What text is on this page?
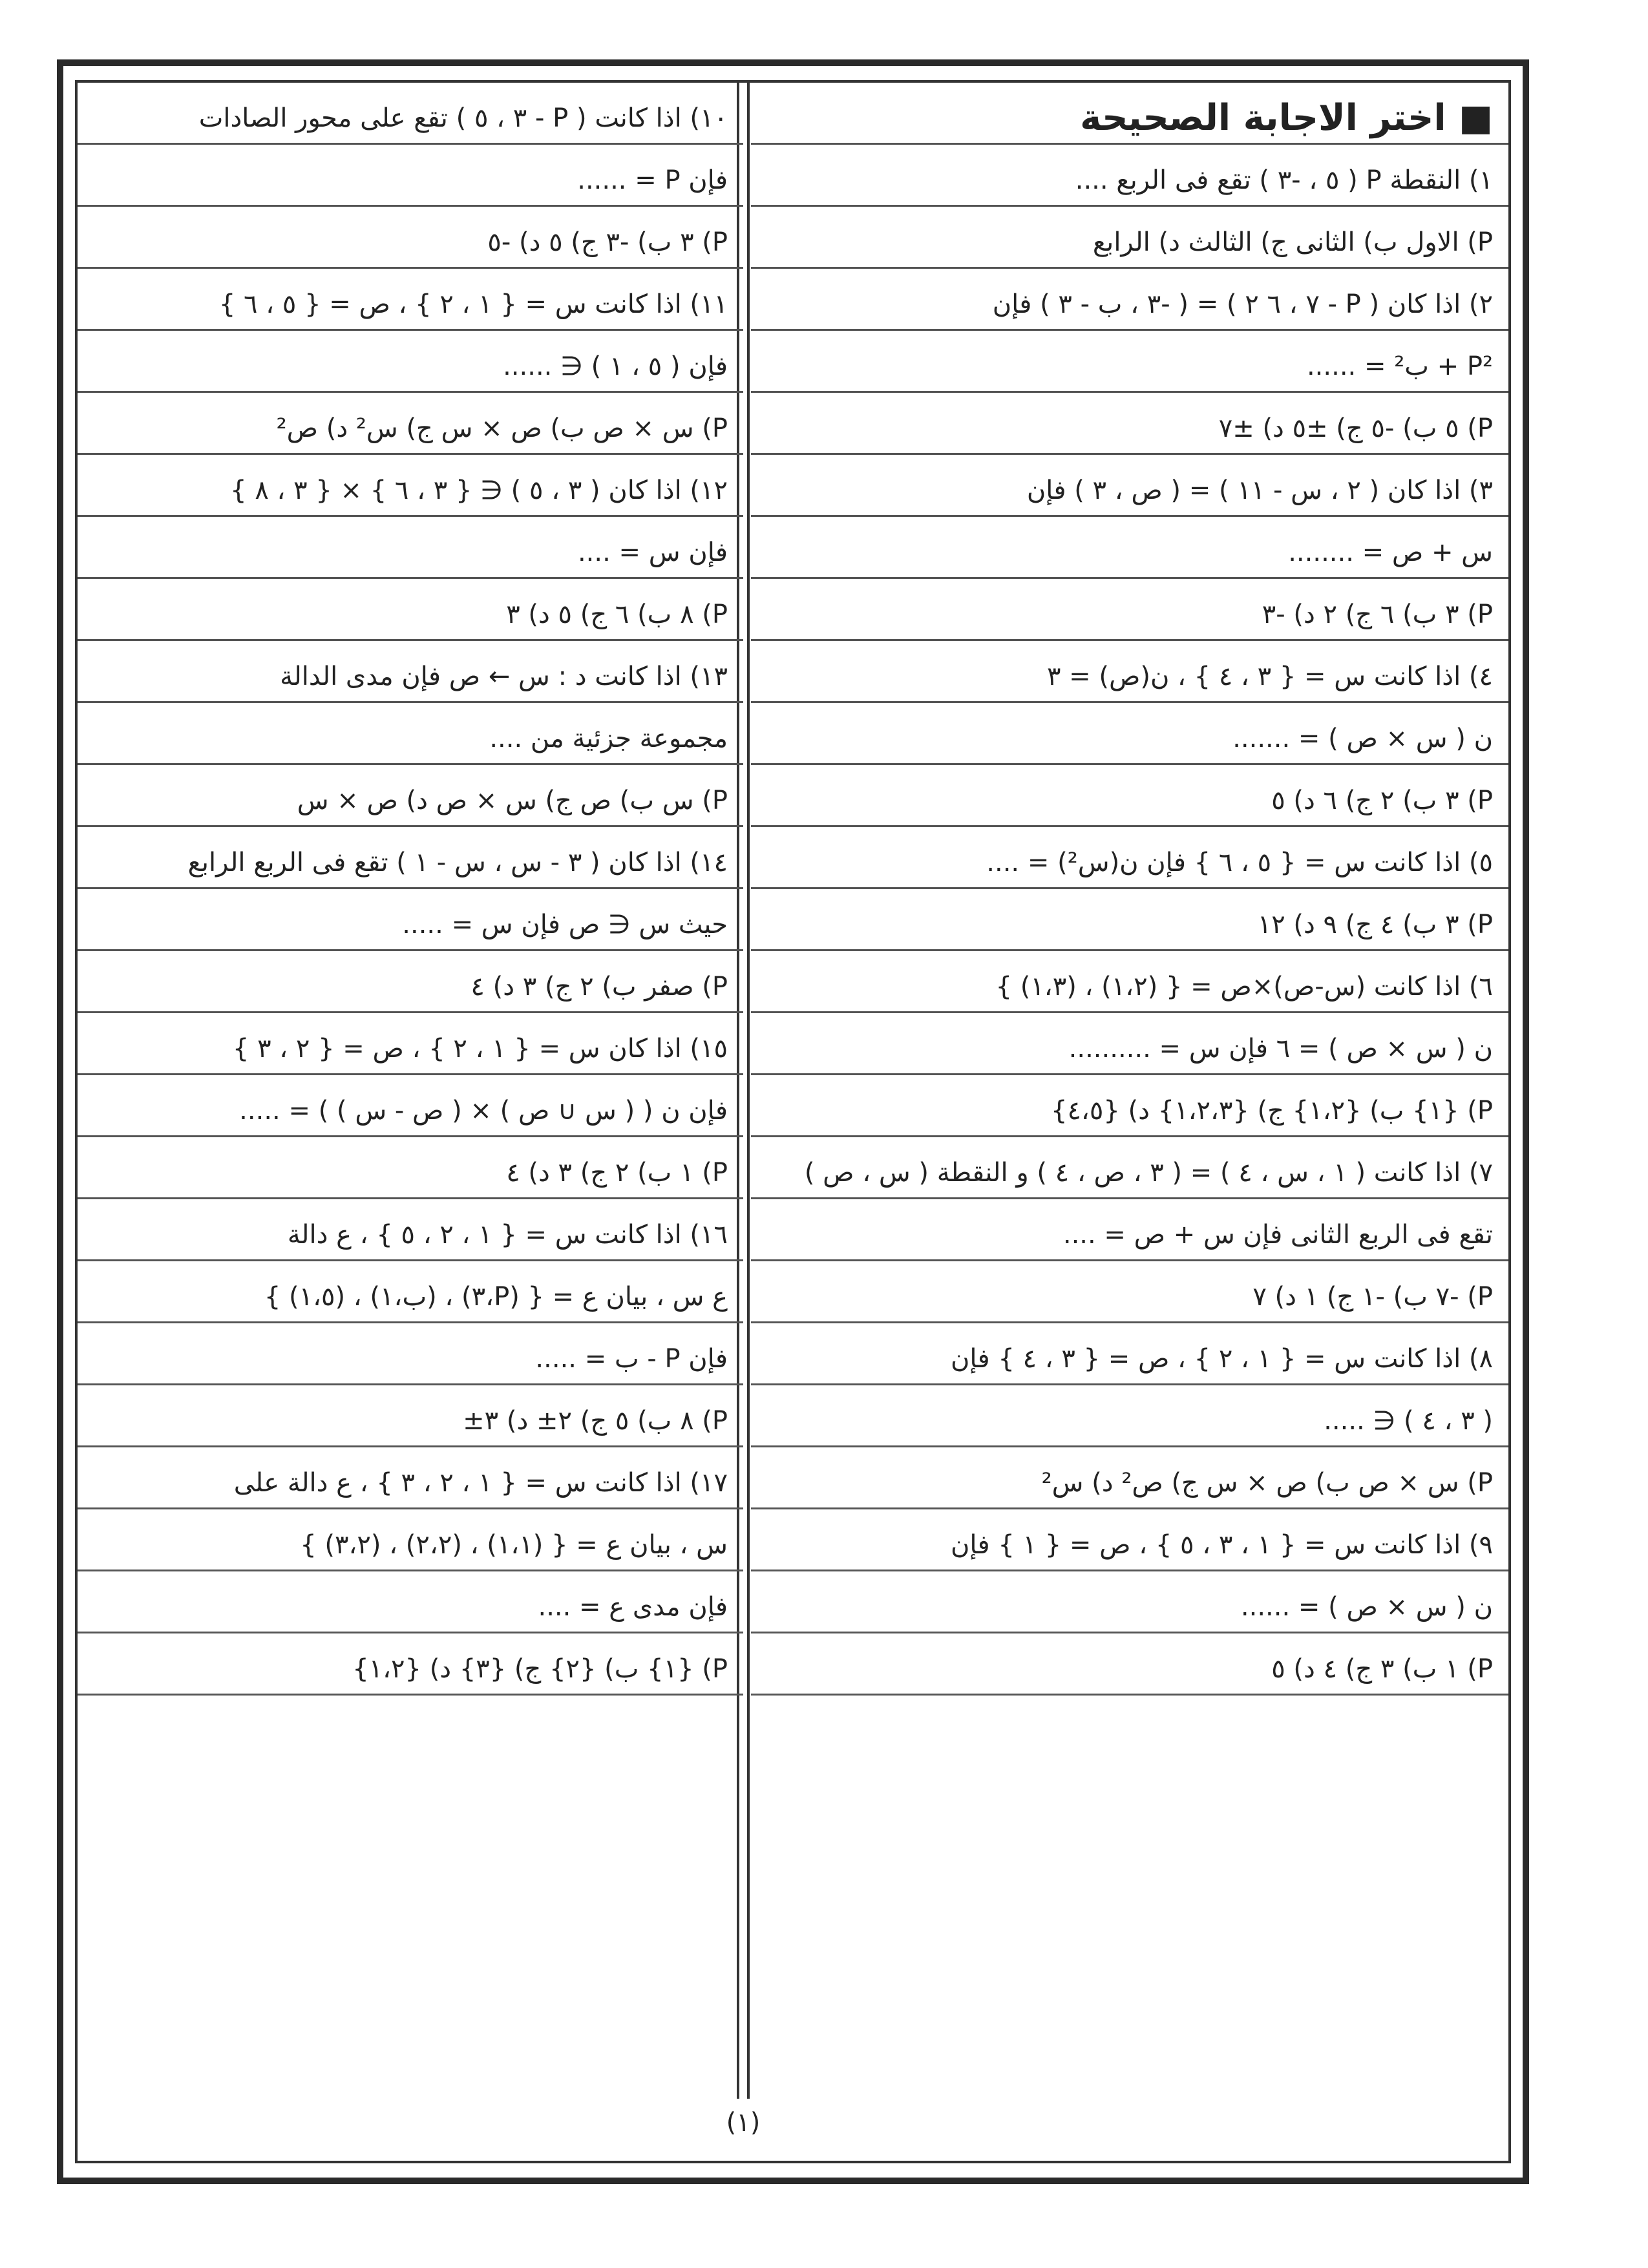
■ اختر الاجابة الصحيحة
١) النقطة P ( ٥ ، -٣ ) تقع فى الربع ....
P) الاول ب) الثانى ج) الثالث د) الرابع
٢) اذا كان ( P - ٧ ، ٦ ٢ ) = ( -٣ ، ب - ٣ ) فإن
P² + ب² = ......
P) ٥ ب) -٥ ج) ±٥ د) ±٧
٣) اذا كان ( ٢ ، س - ١١ ) = ( ص ، ٣ ) فإن
س + ص = ........
P) ٣ ب) ٦ ج) ٢ د) -٣
٤) اذا كانت س = { ٣ ، ٤ } ، ن(ص) = ٣
ن ( س × ص ) = .......
P) ٣ ب) ٢ ج) ٦ د) ٥
٥) اذا كانت س = { ٥ ، ٦ } فإن ن(س²) = ....
P) ٣ ب) ٤ ج) ٩ د) ١٢
٦) اذا كانت (س-ص)×ص = { (١،٢) ، (١،٣) }
ن ( س × ص ) = ٦ فإن س = ..........
P) {١} ب) {١،٢} ج) {١،٢،٣} د) {٤،٥}
٧) اذا كانت ( ١ ، س ، ٤ ) = ( ٣ ، ص ، ٤ ) و النقطة ( س ، ص )
تقع فى الربع الثانى فإن س + ص = ....
P) -٧ ب) -١ ج) ١ د) ٧
٨) اذا كانت س = { ١ ، ٢ } ، ص = { ٣ ، ٤ } فإن
( ٣ ، ٤ ) ∈ .....
P) س × ص ب) ص × س ج) ص² د) س²
٩) اذا كانت س = { ١ ، ٣ ، ٥ } ، ص = { ١ } فإن
ن ( س × ص ) = ......
P) ١ ب) ٣ ج) ٤ د) ٥
١٠) اذا كانت ( P - ٣ ، ٥ ) تقع على محور الصادات
فإن P = ......
P) ٣ ب) -٣ ج) ٥ د) -٥
١١) اذا كانت س = { ١ ، ٢ } ، ص = { ٥ ، ٦ }
فإن ( ٥ ، ١ ) ∈ ......
P) س × ص ب) ص × س ج) س² د) ص²
١٢) اذا كان ( ٣ ، ٥ ) ∈ { ٣ ، ٦ } × { ٣ ، ٨ }
فإن س = ....
P) ٨ ب) ٦ ج) ٥ د) ٣
١٣) اذا كانت د : س ← ص فإن مدى الدالة
مجموعة جزئية من ....
P) س ب) ص ج) س × ص د) ص × س
١٤) اذا كان ( ٣ - س ، س - ١ ) تقع فى الربع الرابع
حيث س ∈ ص فإن س = .....
P) صفر ب) ٢ ج) ٣ د) ٤
١٥) اذا كان س = { ١ ، ٢ } ، ص = { ٢ ، ٣ }
فإن ن ( ( س ∪ ص ) × ( ص - س ) ) = .....
P) ١ ب) ٢ ج) ٣ د) ٤
١٦) اذا كانت س = { ١ ، ٢ ، ٥ } ، ع دالة
ع س ، بيان ع = { (P،٣) ، (ب،١) ، (١،٥) }
فإن P - ب = .....
P) ٨ ب) ٥ ج) ٢± د) ٣±
١٧) اذا كانت س = { ١ ، ٢ ، ٣ } ، ع دالة على
س ، بيان ع = { (١،١) ، (٢،٢) ، (٣،٢) }
فإن مدى ع = ....
P) {١} ب) {٢} ج) {٣} د) {١،٢}
(١)
